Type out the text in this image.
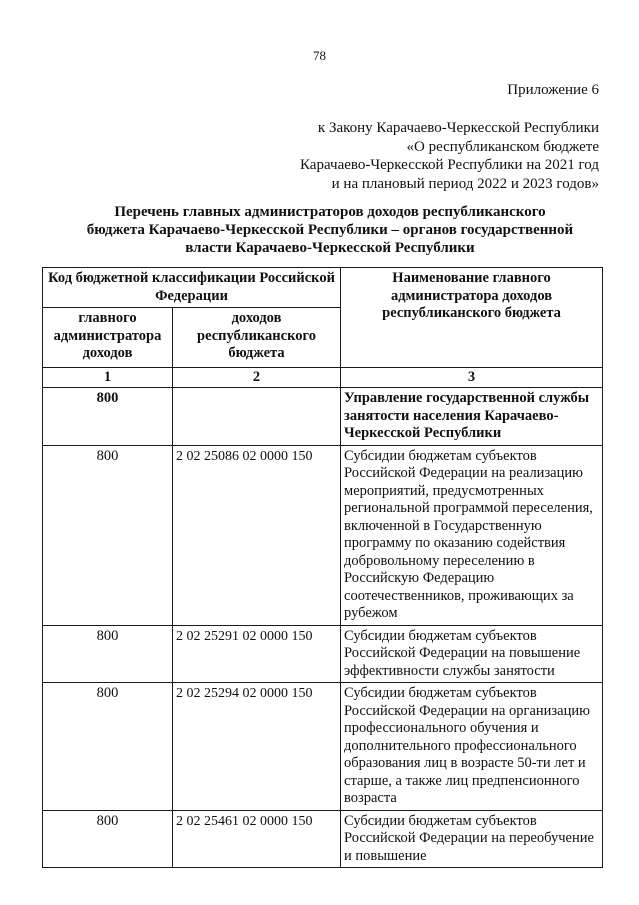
78
Приложение 6
к Закону Карачаево-Черкесской Республики
«О республиканском бюджете
Карачаево-Черкесской Республики на 2021 год
и на плановый период 2022 и 2023 годов»
Перечень главных администраторов доходов республиканского
бюджета Карачаево-Черкесской Республики – органов государственной
власти Карачаево-Черкесской Республики
Код бюджетной классификации Российской Федерации		Наименование главного администратора доходов республиканского бюджета
главного администратора доходов	доходов республиканского бюджета	
1	2	3
800		Управление государственной службы занятости населения Карачаево-Черкесской Республики
800	2 02 25086 02 0000 150	Субсидии бюджетам субъектов Российской Федерации на реализацию мероприятий, предусмотренных региональной программой переселения, включенной в Государственную программу по оказанию содействия добровольному переселению в Российскую Федерацию соотечественников, проживающих за рубежом
800	2 02 25291 02 0000 150	Субсидии бюджетам субъектов Российской Федерации на повышение эффективности службы занятости
800	2 02 25294 02 0000 150	Субсидии бюджетам субъектов Российской Федерации на организацию профессионального обучения и дополнительного профессионального образования лиц в возрасте 50-ти лет и старше, а также лиц предпенсионного возраста
800	2 02 25461 02 0000 150	Субсидии бюджетам субъектов Российской Федерации на переобучение и повышение
